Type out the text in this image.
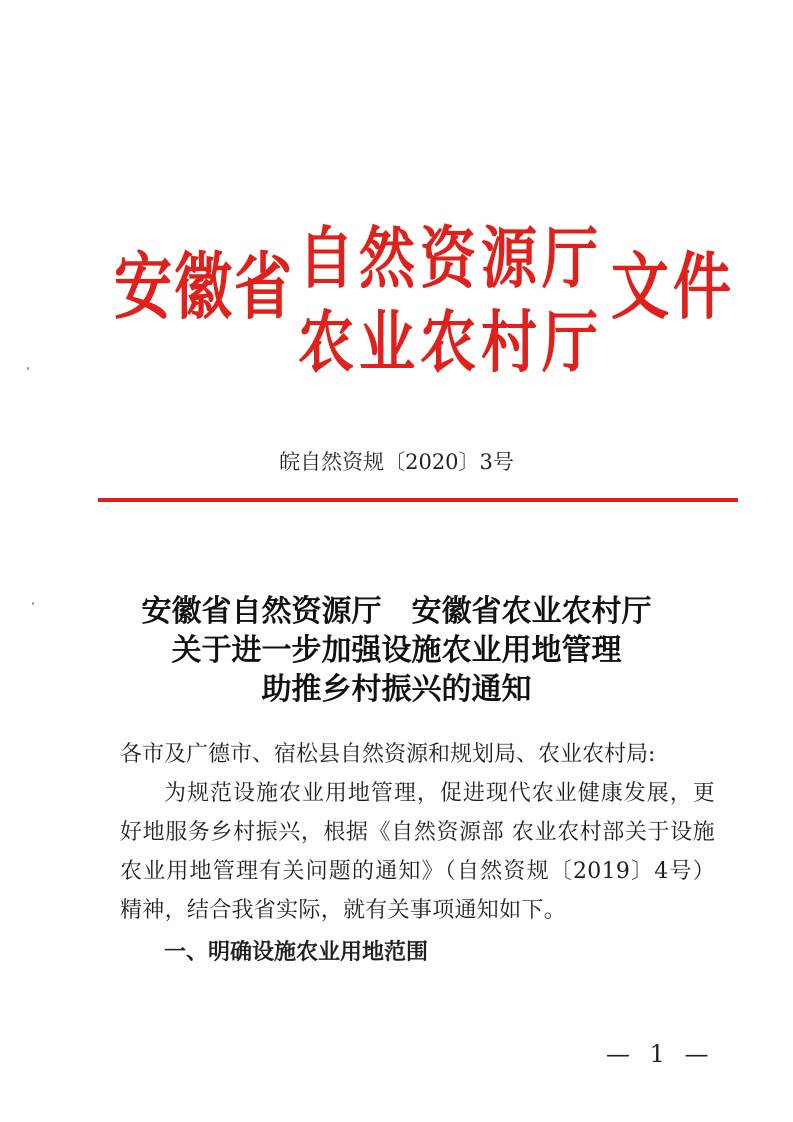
安徽省 自然资源厅
农业农村厅
文件
皖自然资规〔2020〕3号
安徽省自然资源厅　安徽省农业农村厅
关于进一步加强设施农业用地管理
助推乡村振兴的通知
各市及广德市、宿松县自然资源和规划局、农业农村局:
为规范设施农业用地管理，促进现代农业健康发展，更好地服务乡村振兴，根据《自然资源部 农业农村部关于设施农业用地管理有关问题的通知》（自然资规〔2019〕4号）精神，结合我省实际，就有关事项通知如下。
一、明确设施农业用地范围
— 1 —
